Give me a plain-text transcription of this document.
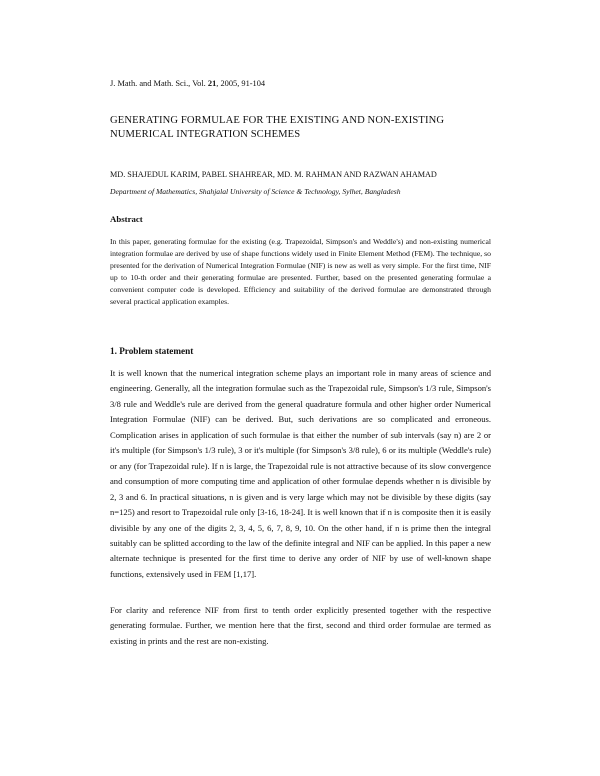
J. Math. and Math. Sci., Vol. 21, 2005, 91-104
GENERATING FORMULAE FOR THE EXISTING AND NON-EXISTING NUMERICAL INTEGRATION SCHEMES
MD. SHAJEDUL KARIM, PABEL SHAHREAR, MD. M. RAHMAN AND RAZWAN AHAMAD
Department of Mathematics, Shahjalal University of Science & Technology, Sylhet, Bangladesh
Abstract
In this paper, generating formulae for the existing (e.g. Trapezoidal, Simpson's and Weddle's) and non-existing numerical integration formulae are derived by use of shape functions widely used in Finite Element Method (FEM). The technique, so presented for the derivation of Numerical Integration Formulae (NIF) is new as well as very simple. For the first time, NIF up to 10-th order and their generating formulae are presented. Further, based on the presented generating formulae a convenient computer code is developed. Efficiency and suitability of the derived formulae are demonstrated through several practical application examples.
1. Problem statement
It is well known that the numerical integration scheme plays an important role in many areas of science and engineering. Generally, all the integration formulae such as the Trapezoidal rule, Simpson's 1/3 rule, Simpson's 3/8 rule and Weddle's rule are derived from the general quadrature formula and other higher order Numerical Integration Formulae (NIF) can be derived. But, such derivations are so complicated and erroneous. Complication arises in application of such formulae is that either the number of sub intervals (say n) are 2 or it's multiple (for Simpson's 1/3 rule), 3 or it's multiple (for Simpson's 3/8 rule), 6 or its multiple (Weddle's rule) or any (for Trapezoidal rule). If n is large, the Trapezoidal rule is not attractive because of its slow convergence and consumption of more computing time and application of other formulae depends whether n is divisible by 2, 3 and 6. In practical situations, n is given and is very large which may not be divisible by these digits (say n=125) and resort to Trapezoidal rule only [3-16, 18-24]. It is well known that if n is composite then it is easily divisible by any one of the digits 2, 3, 4, 5, 6, 7, 8, 9, 10. On the other hand, if n is prime then the integral suitably can be splitted according to the law of the definite integral and NIF can be applied. In this paper a new alternate technique is presented for the first time to derive any order of NIF by use of well-known shape functions, extensively used in FEM [1,17].
For clarity and reference NIF from first to tenth order explicitly presented together with the respective generating formulae. Further, we mention here that the first, second and third order formulae are termed as existing in prints and the rest are non-existing.
